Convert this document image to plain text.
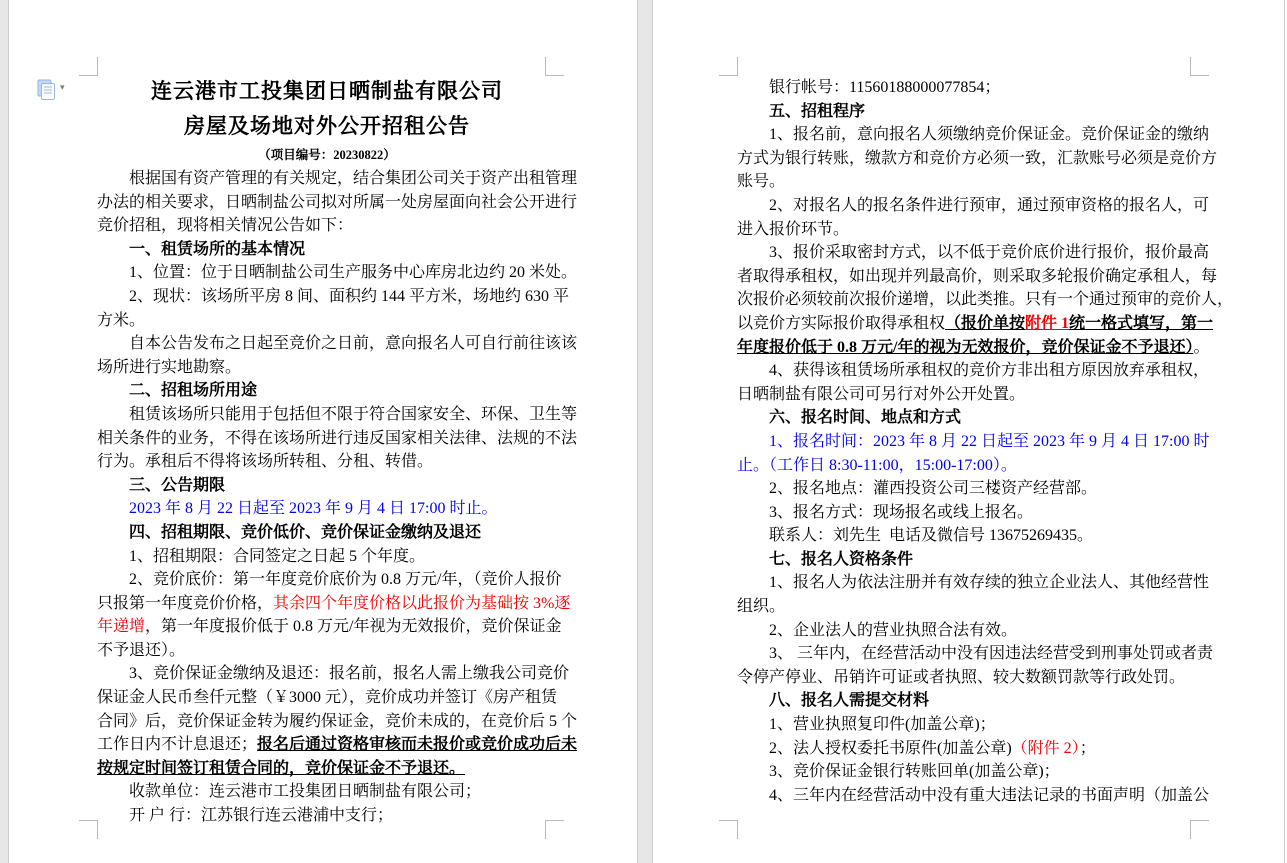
▾	连云港市工投集团日晒制盐有限公司
房屋及场地对外公开招租公告
（项目编号：20230822）
根据国有资产管理的有关规定，结合集团公司关于资产出租管理
办法的相关要求，日晒制盐公司拟对所属一处房屋面向社会公开进行
竞价招租，现将相关情况公告如下：
一、租赁场所的基本情况
1、位置：位于日晒制盐公司生产服务中心库房北边约 20 米处。
2、现状：该场所平房 8 间、面积约 144 平方米，场地约 630 平
方米。
自本公告发布之日起至竞价之日前，意向报名人可自行前往该该
场所进行实地勘察。
二、招租场所用途
租赁该场所只能用于包括但不限于符合国家安全、环保、卫生等
相关条件的业务，不得在该场所进行违反国家相关法律、法规的不法
行为。承租后不得将该场所转租、分租、转借。
三、公告期限
2023 年 8 月 22 日起至 2023 年 9 月 4 日 17:00 时止。
四、招租期限、竞价低价、竞价保证金缴纳及退还
1、招租期限：合同签定之日起 5 个年度。
2、竞价底价：第一年度竞价底价为 0.8 万元/年，（竞价人报价
只报第一年度竞价价格，其余四个年度价格以此报价为基础按 3%逐
年递增，第一年度报价低于 0.8 万元/年视为无效报价，竞价保证金
不予退还）。
3、竞价保证金缴纳及退还：报名前，报名人需上缴我公司竞价
保证金人民币叁仟元整（￥3000 元），竞价成功并签订《房产租赁
合同》后，竞价保证金转为履约保证金，竞价未成的，在竞价后 5 个
工作日内不计息退还；报名后通过资格审核而未报价或竞价成功后未
按规定时间签订租赁合同的，竞价保证金不予退还。
收款单位：连云港市工投集团日晒制盐有限公司；
开 户 行：江苏银行连云港浦中支行；
银行帐号：11560188000077854；
五、招租程序
1、报名前，意向报名人须缴纳竞价保证金。竞价保证金的缴纳
方式为银行转账，缴款方和竞价方必须一致，汇款账号必须是竞价方
账号。
2、对报名人的报名条件进行预审，通过预审资格的报名人，可
进入报价环节。
3、报价采取密封方式，以不低于竞价底价进行报价，报价最高
者取得承租权，如出现并列最高价，则采取多轮报价确定承租人，每
次报价必须较前次报价递增，以此类推。只有一个通过预审的竞价人，
以竞价方实际报价取得承租权（报价单按附件 1统一格式填写，第一
年度报价低于 0.8 万元/年的视为无效报价，竞价保证金不予退还）。
4、获得该租赁场所承租权的竞价方非出租方原因放弃承租权，
日晒制盐有限公司可另行对外公开处置。
六、报名时间、地点和方式
1、报名时间：2023 年 8 月 22 日起至 2023 年 9 月 4 日 17:00 时
止。（工作日 8:30-11:00，15:00-17:00）。
2、报名地点：灌西投资公司三楼资产经营部。
3、报名方式：现场报名或线上报名。
联系人：刘先生  电话及微信号 13675269435。
七、报名人资格条件
1、报名人为依法注册并有效存续的独立企业法人、其他经营性
组织。
2、企业法人的营业执照合法有效。
3、 三年内，在经营活动中没有因违法经营受到刑事处罚或者责
令停产停业、吊销许可证或者执照、较大数额罚款等行政处罚。
八、报名人需提交材料
1、营业执照复印件(加盖公章)；
2、法人授权委托书原件(加盖公章)（附件 2）；
3、竞价保证金银行转账回单(加盖公章)；
4、三年内在经营活动中没有重大违法记录的书面声明（加盖公
